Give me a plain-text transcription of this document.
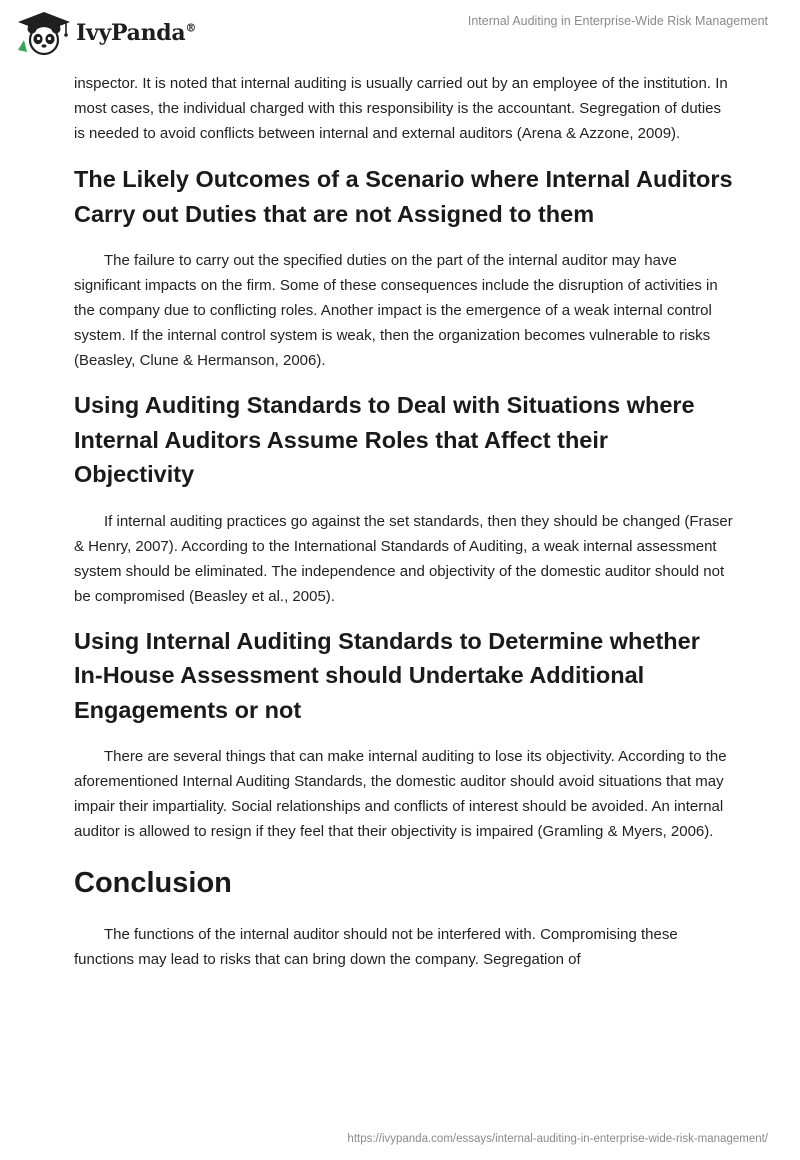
IvyPanda®
Internal Auditing in Enterprise-Wide Risk Management

inspector. It is noted that internal auditing is usually carried out by an employee of the institution. In most cases, the individual charged with this responsibility is the accountant. Segregation of duties is needed to avoid conflicts between internal and external auditors (Arena & Azzone, 2009).

The Likely Outcomes of a Scenario where Internal Auditors Carry out Duties that are not Assigned to them

The failure to carry out the specified duties on the part of the internal auditor may have significant impacts on the firm. Some of these consequences include the disruption of activities in the company due to conflicting roles. Another impact is the emergence of a weak internal control system. If the internal control system is weak, then the organization becomes vulnerable to risks (Beasley, Clune & Hermanson, 2006).

Using Auditing Standards to Deal with Situations where Internal Auditors Assume Roles that Affect their Objectivity

If internal auditing practices go against the set standards, then they should be changed (Fraser & Henry, 2007). According to the International Standards of Auditing, a weak internal assessment system should be eliminated. The independence and objectivity of the domestic auditor should not be compromised (Beasley et al., 2005).

Using Internal Auditing Standards to Determine whether In-House Assessment should Undertake Additional Engagements or not

There are several things that can make internal auditing to lose its objectivity. According to the aforementioned Internal Auditing Standards, the domestic auditor should avoid situations that may impair their impartiality. Social relationships and conflicts of interest should be avoided. An internal auditor is allowed to resign if they feel that their objectivity is impaired (Gramling & Myers, 2006).

Conclusion

The functions of the internal auditor should not be interfered with. Compromising these functions may lead to risks that can bring down the company. Segregation of

https://ivypanda.com/essays/internal-auditing-in-enterprise-wide-risk-management/
